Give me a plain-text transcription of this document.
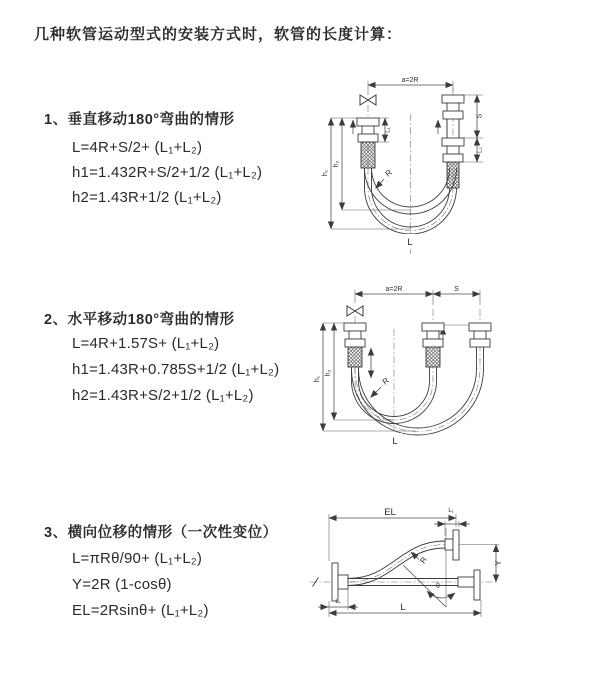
几种软管运动型式的安装方式时，软管的长度计算：
1、垂直移动180°弯曲的情形
L=4R+S/2+ (L₁+L₂)
h1=1.432R+S/2+1/2 (L₁+L₂)
h2=1.43R+1/2 (L₁+L₂)
2、水平移动180°弯曲的情形
L=4R+1.57S+ (L₁+L₂)
h1=1.43R+0.785S+1/2 (L₁+L₂)
h2=1.43R+S/2+1/2 (L₁+L₂)
3、横向位移的情形（一次性变位）
L=πRθ/90+ (L₁+L₂)
Y=2R (1-cosθ)
EL=2Rsinθ+ (L₁+L₂)
a=2R
L₁
S
L₂
h₁
h₂
R
L
a=2R	S
h₁
h₂
R
L
EL	L₁
Y
R
θ
L₁	L
